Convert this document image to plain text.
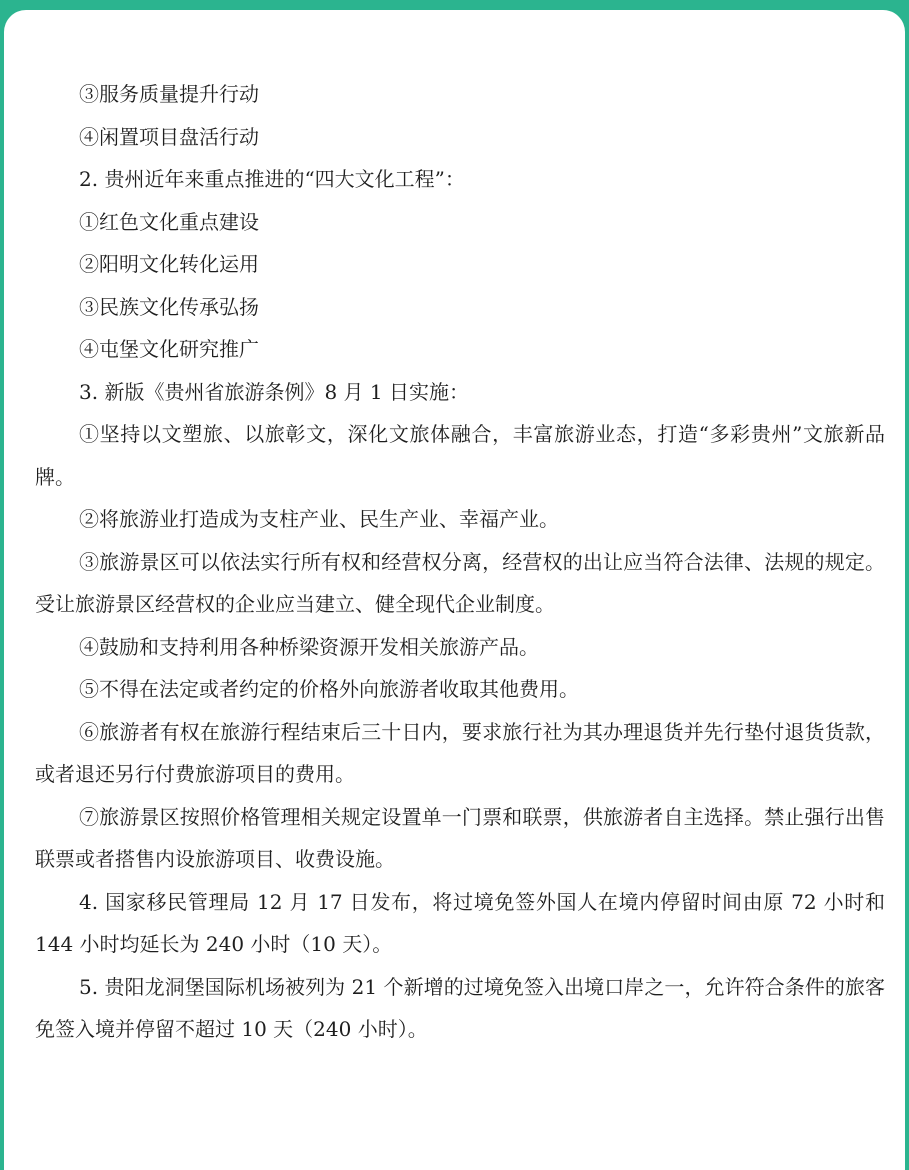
③服务质量提升行动
④闲置项目盘活行动
2. 贵州近年来重点推进的“四大文化工程”：
①红色文化重点建设
②阳明文化转化运用
③民族文化传承弘扬
④屯堡文化研究推广
3. 新版《贵州省旅游条例》8 月 1 日实施：
①坚持以文塑旅、以旅彰文，深化文旅体融合，丰富旅游业态，打造“多彩贵州”文旅新品牌。
②将旅游业打造成为支柱产业、民生产业、幸福产业。
③旅游景区可以依法实行所有权和经营权分离，经营权的出让应当符合法律、法规的规定。受让旅游景区经营权的企业应当建立、健全现代企业制度。
④鼓励和支持利用各种桥梁资源开发相关旅游产品。
⑤不得在法定或者约定的价格外向旅游者收取其他费用。
⑥旅游者有权在旅游行程结束后三十日内，要求旅行社为其办理退货并先行垫付退货货款，或者退还另行付费旅游项目的费用。
⑦旅游景区按照价格管理相关规定设置单一门票和联票，供旅游者自主选择。禁止强行出售联票或者搭售内设旅游项目、收费设施。
4. 国家移民管理局 12 月 17 日发布，将过境免签外国人在境内停留时间由原 72 小时和 144 小时均延长为 240 小时（10 天）。
5. 贵阳龙洞堡国际机场被列为 21 个新增的过境免签入出境口岸之一，允许符合条件的旅客免签入境并停留不超过 10 天（240 小时）。
